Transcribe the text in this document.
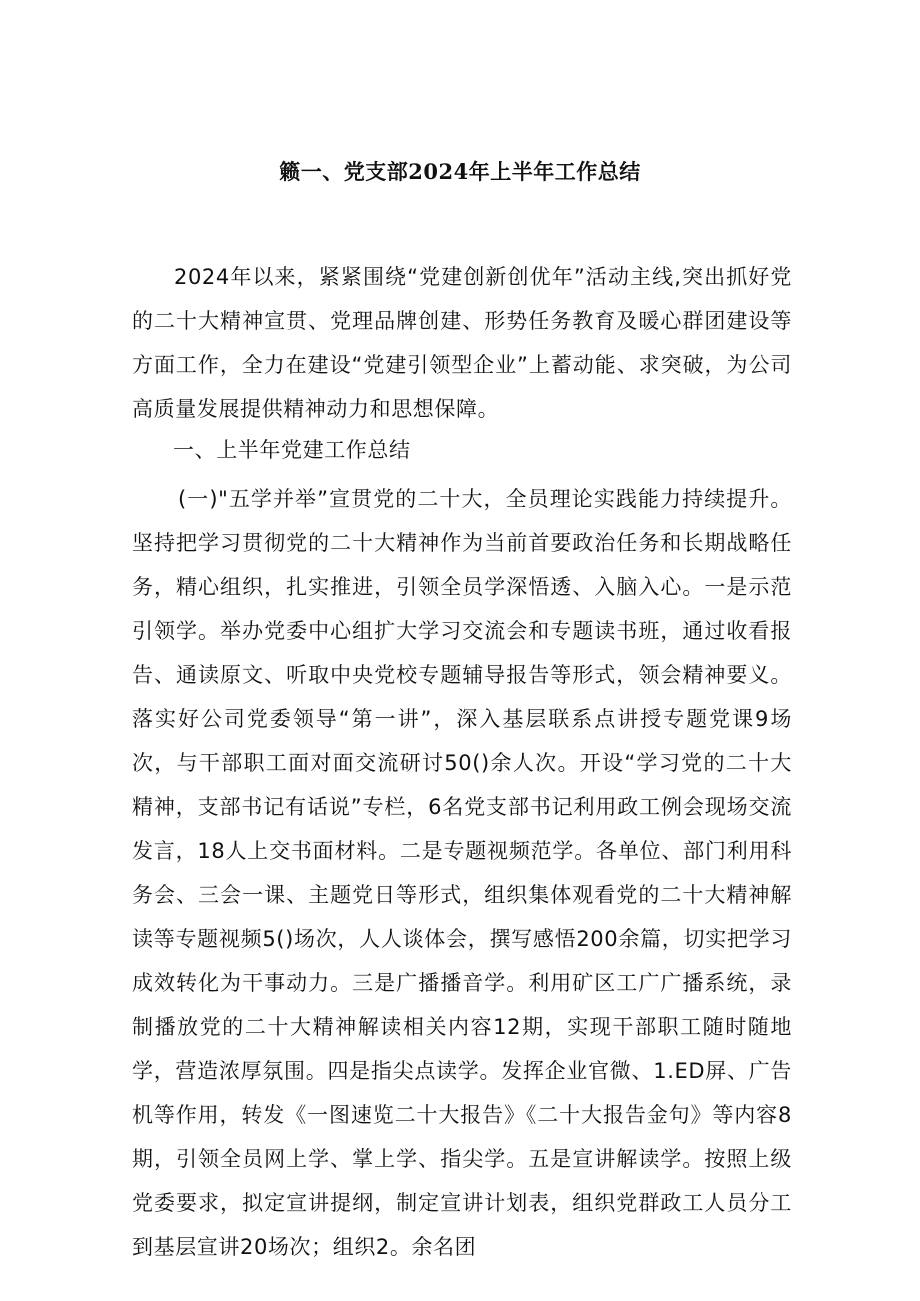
籁一、党支部2024年上半年工作总结
2024年以来，紧紧围绕“党建创新创优年”活动主线,突出抓好党的二十大精神宣贯、党理品牌创建、形势任务教育及暖心群团建设等方面工作，全力在建设“党建引领型企业”上蓄动能、求突破，为公司高质量发展提供精神动力和思想保障。
一、上半年党建工作总结
(一)"五学并举”宣贯党的二十大，全员理论实践能力持续提升。坚持把学习贯彻党的二十大精神作为当前首要政治任务和长期战略任务，精心组织，扎实推进，引领全员学深悟透、入脑入心。一是示范引领学。举办党委中心组扩大学习交流会和专题读书班，通过收看报告、通读原文、听取中央党校专题辅导报告等形式，领会精神要义。落实好公司党委领导“第一讲”，深入基层联系点讲授专题党课9场次，与干部职工面对面交流研讨50()余人次。开设“学习党的二十大精神，支部书记有话说”专栏，6名党支部书记利用政工例会现场交流发言，18人上交书面材料。二是专题视频范学。各单位、部门利用科务会、三会一课、主题党日等形式，组织集体观看党的二十大精神解读等专题视频5()场次，人人谈体会，撰写感悟200余篇，切实把学习成效转化为干事动力。三是广播播音学。利用矿区工广广播系统，录制播放党的二十大精神解读相关内容12期，实现干部职工随时随地学，营造浓厚氛围。四是指尖点读学。发挥企业官微、1.ED屏、广告机等作用，转发《一图速览二十大报告》《二十大报告金句》等内容8期，引领全员网上学、掌上学、指尖学。五是宣讲解读学。按照上级党委要求，拟定宣讲提纲，制定宣讲计划表，组织党群政工人员分工到基层宣讲20场次；组织2。余名团
